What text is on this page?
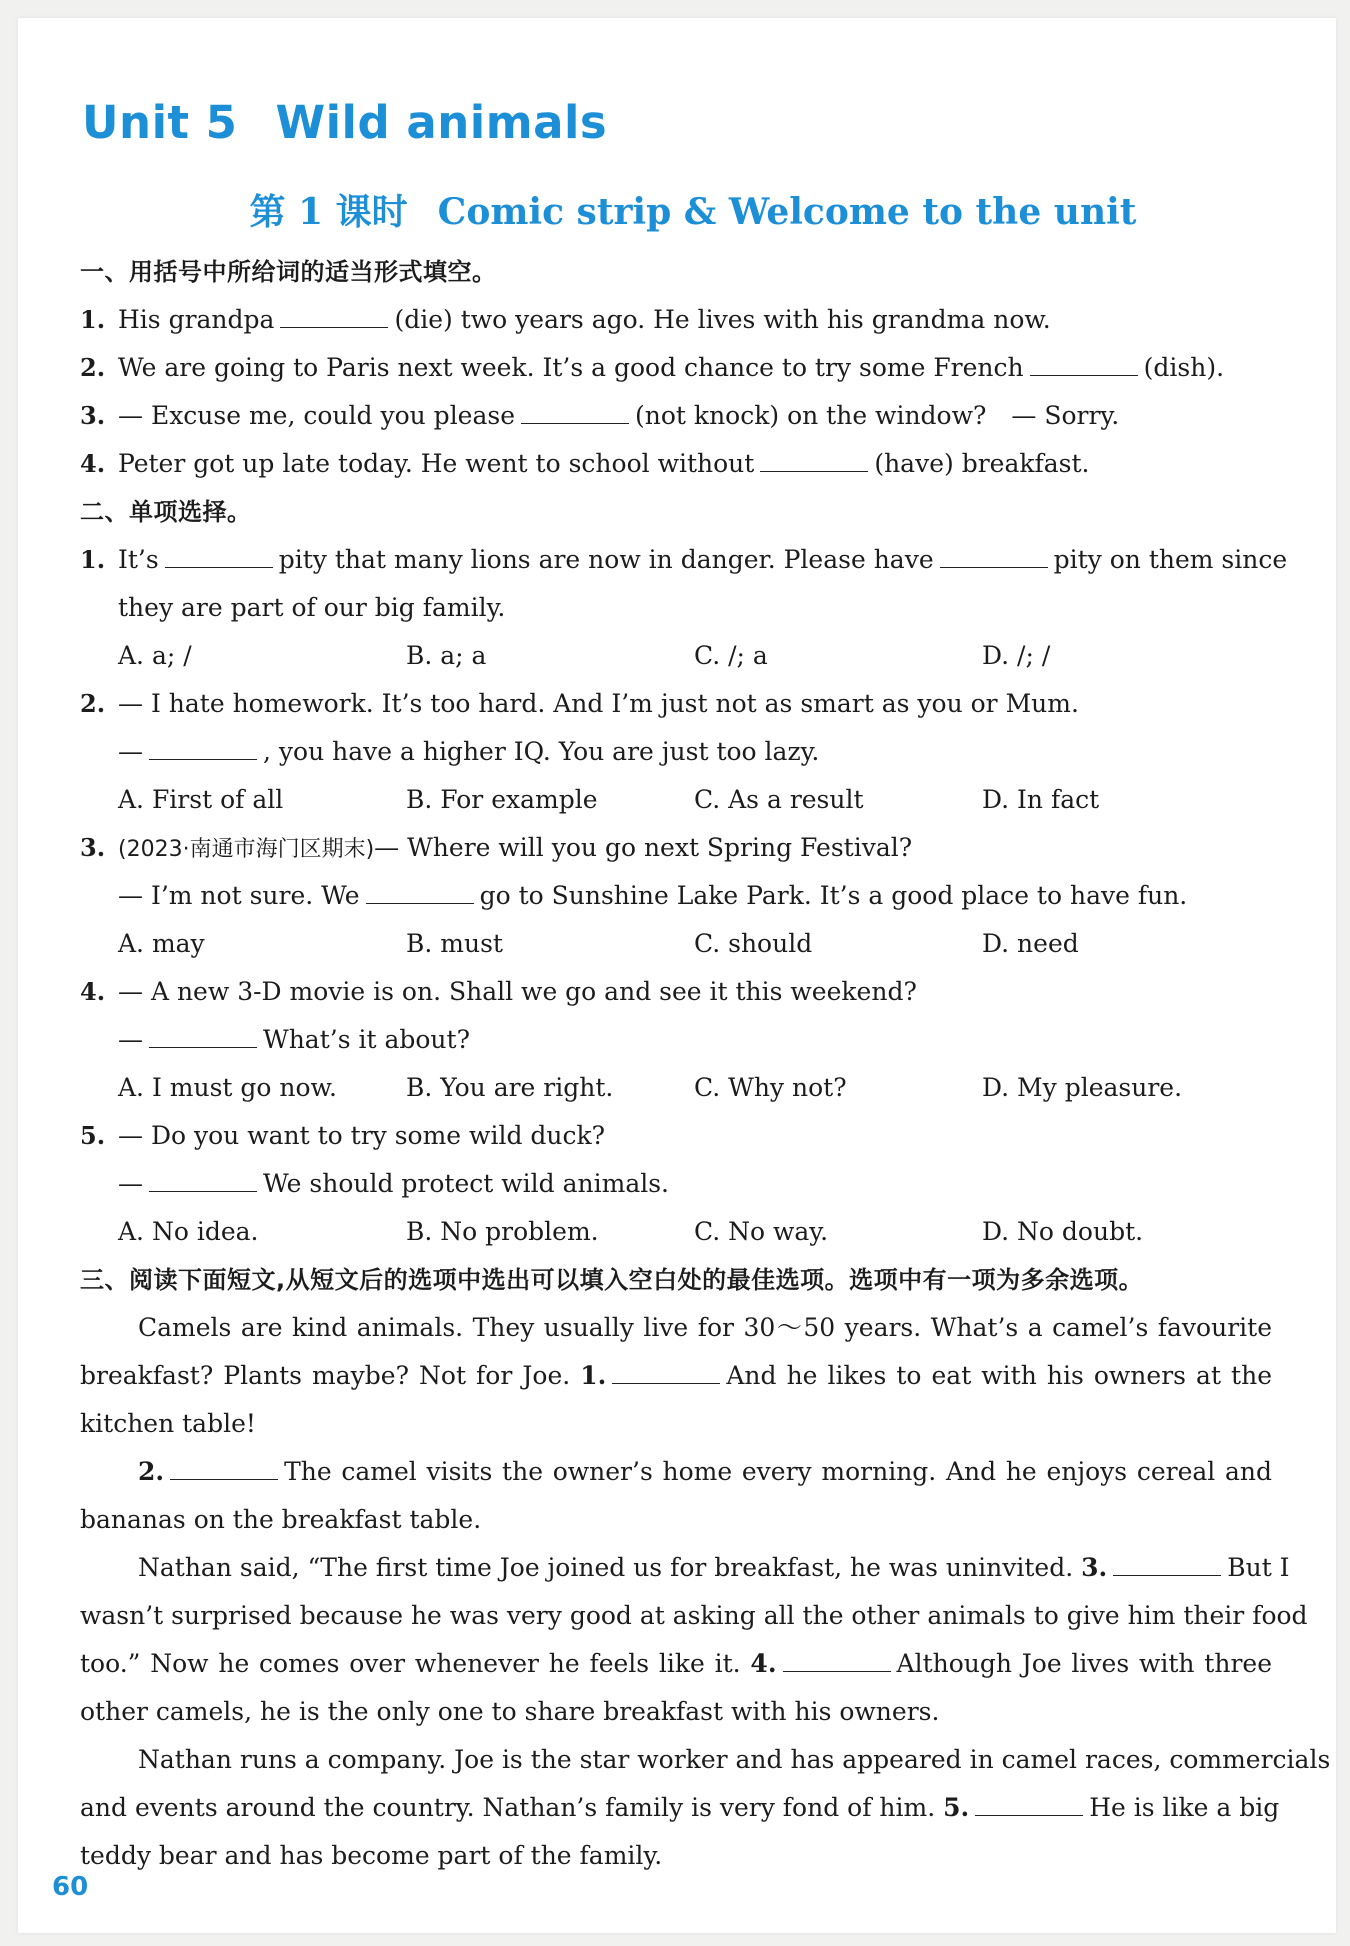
Unit 5 Wild animals
第 1 课时 Comic strip & Welcome to the unit
一、用括号中所给词的适当形式填空。
1. His grandpa	(die) two years ago. He lives with his grandma now.
2. We are going to Paris next week. It’s a good chance to try some French	(dish).
3. — Excuse me, could you please	(not knock) on the window?　— Sorry.
4. Peter got up late today. He went to school without	(have) breakfast.
二、单项选择。
1. It’s	pity that many lions are now in danger. Please have	pity on them since
they are part of our big family.
A. a; /	B. a; a	C. /; a	D. /; /
2. — I hate homework. It’s too hard. And I’m just not as smart as you or Mum.
—	, you have a higher IQ. You are just too lazy.
A. First of all	B. For example	C. As a result	D. In fact
3. (2023·南通市海门区期末)— Where will you go next Spring Festival?
— I’m not sure. We	go to Sunshine Lake Park. It’s a good place to have fun.
A. may	B. must	C. should	D. need
4. — A new 3-D movie is on. Shall we go and see it this weekend?
—	What’s it about?
A. I must go now.	B. You are right.	C. Why not?	D. My pleasure.
5. — Do you want to try some wild duck?
—	We should protect wild animals.
A. No idea.	B. No problem.	C. No way.	D. No doubt.
三、阅读下面短文,从短文后的选项中选出可以填入空白处的最佳选项。选项中有一项为多余选项。
Camels are kind animals. They usually live for 30～50 years. What’s a camel’s favourite
breakfast? Plants maybe? Not for Joe. 1.	And he likes to eat with his owners at the
kitchen table!
2.	The camel visits the owner’s home every morning. And he enjoys cereal and
bananas on the breakfast table.
Nathan said, “The first time Joe joined us for breakfast, he was uninvited. 3.	But I
wasn’t surprised because he was very good at asking all the other animals to give him their food
too.” Now he comes over whenever he feels like it. 4.	Although Joe lives with three
other camels, he is the only one to share breakfast with his owners.
Nathan runs a company. Joe is the star worker and has appeared in camel races, commercials
and events around the country. Nathan’s family is very fond of him. 5.	He is like a big
teddy bear and has become part of the family.

60
